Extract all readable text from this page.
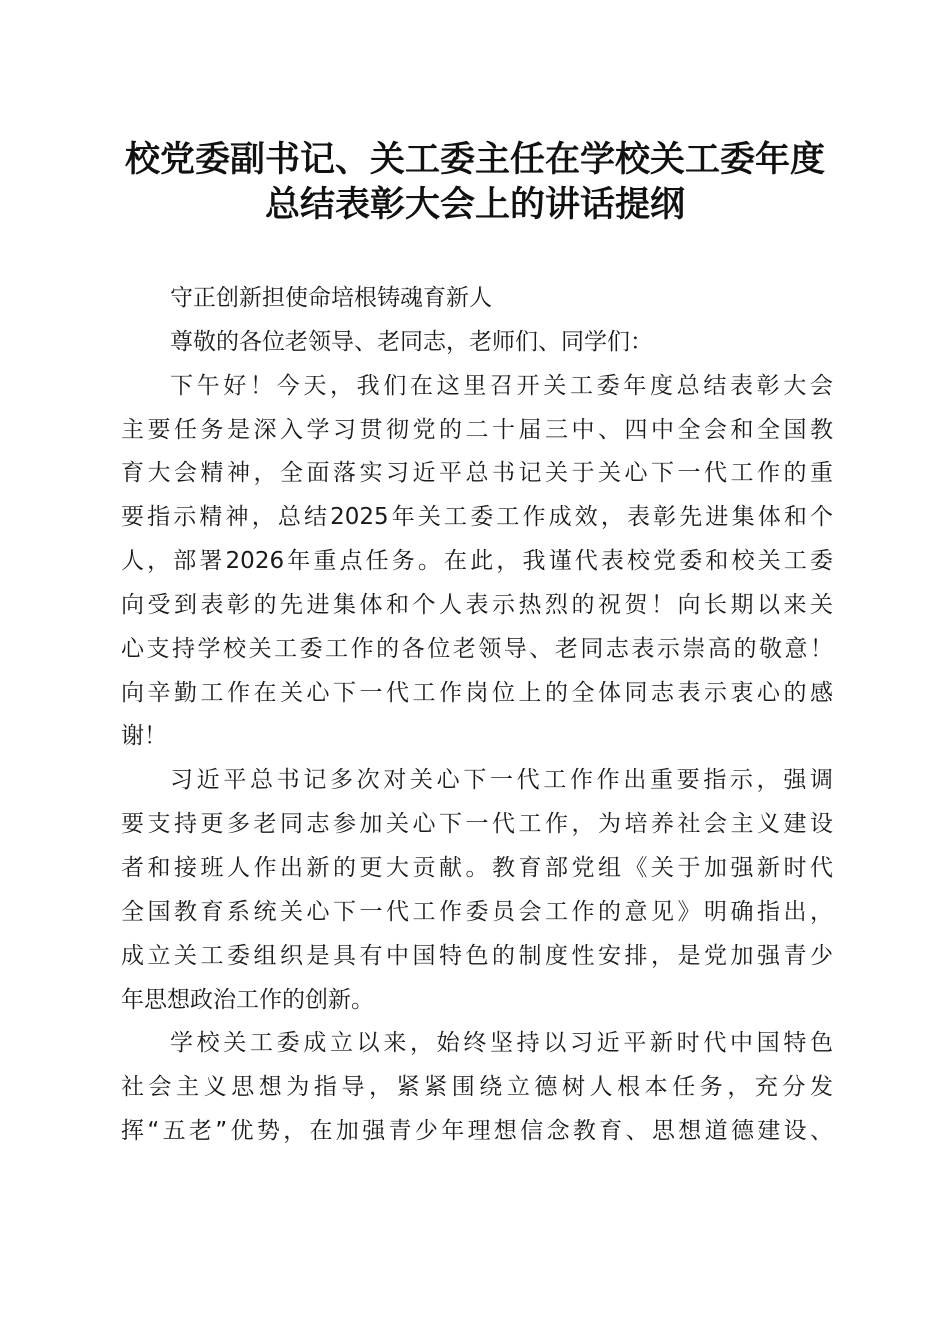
校党委副书记、关工委主任在学校关工委年度
总结表彰大会上的讲话提纲
守正创新担使命培根铸魂育新人
尊敬的各位老领导、老同志，老师们、同学们：
下午好！今天，我们在这里召开关工委年度总结表彰大会
主要任务是深入学习贯彻党的二十届三中、四中全会和全国教
育大会精神，全面落实习近平总书记关于关心下一代工作的重
要指示精神，总结2025年关工委工作成效，表彰先进集体和个
人，部署2026年重点任务。在此，我谨代表校党委和校关工委
向受到表彰的先进集体和个人表示热烈的祝贺！向长期以来关
心支持学校关工委工作的各位老领导、老同志表示崇高的敬意！
向辛勤工作在关心下一代工作岗位上的全体同志表示衷心的感
谢！
习近平总书记多次对关心下一代工作作出重要指示，强调
要支持更多老同志参加关心下一代工作，为培养社会主义建设
者和接班人作出新的更大贡献。教育部党组《关于加强新时代
全国教育系统关心下一代工作委员会工作的意见》明确指出，
成立关工委组织是具有中国特色的制度性安排，是党加强青少
年思想政治工作的创新。
学校关工委成立以来，始终坚持以习近平新时代中国特色
社会主义思想为指导，紧紧围绕立德树人根本任务，充分发
挥“五老”优势，在加强青少年理想信念教育、思想道德建设、
